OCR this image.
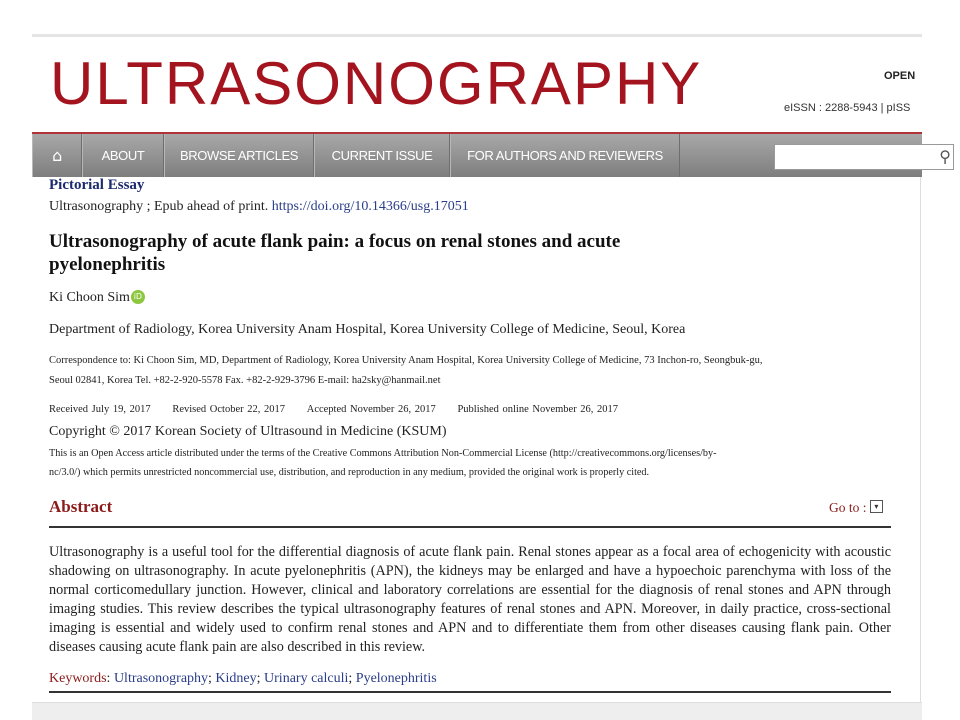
ULTRASONOGRAPHY	OPEN
eISSN : 2288-5943 | pISS
⌂	ABOUT	BROWSE ARTICLES	CURRENT ISSUE	FOR AUTHORS AND REVIEWERS	⚲
Pictorial Essay
Ultrasonography ; Epub ahead of print. https://doi.org/10.14366/usg.17051
Ultrasonography of acute flank pain: a focus on renal stones and acute
pyelonephritis
Ki Choon Sim iD
Department of Radiology, Korea University Anam Hospital, Korea University College of Medicine, Seoul, Korea
Correspondence to: Ki Choon Sim, MD, Department of Radiology, Korea University Anam Hospital, Korea University College of Medicine, 73 Inchon-ro, Seongbuk-gu,
Seoul 02841, Korea Tel. +82-2-920-5578 Fax. +82-2-929-3796 E-mail: ha2sky@hanmail.net
Received July 19, 2017 Revised October 22, 2017 Accepted November 26, 2017 Published online November 26, 2017
Copyright © 2017 Korean Society of Ultrasound in Medicine (KSUM)
This is an Open Access article distributed under the terms of the Creative Commons Attribution Non-Commercial License (http://creativecommons.org/licenses/by-
nc/3.0/) which permits unrestricted noncommercial use, distribution, and reproduction in any medium, provided the original work is properly cited.
Abstract	Go to : ▾
Ultrasonography is a useful tool for the differential diagnosis of acute flank pain. Renal stones appear as a focal area of echogenicity with acoustic shadowing on ultrasonography. In acute pyelonephritis (APN), the kidneys may be enlarged and have a hypoechoic parenchyma with loss of the normal corticomedullary junction. However, clinical and laboratory correlations are essential for the diagnosis of renal stones and APN through imaging studies. This review describes the typical ultrasonography features of renal stones and APN. Moreover, in daily practice, cross-sectional imaging is essential and widely used to confirm renal stones and APN and to differentiate them from other diseases causing flank pain. Other diseases causing acute flank pain are also described in this review.
Keywords: Ultrasonography; Kidney; Urinary calculi; Pyelonephritis
